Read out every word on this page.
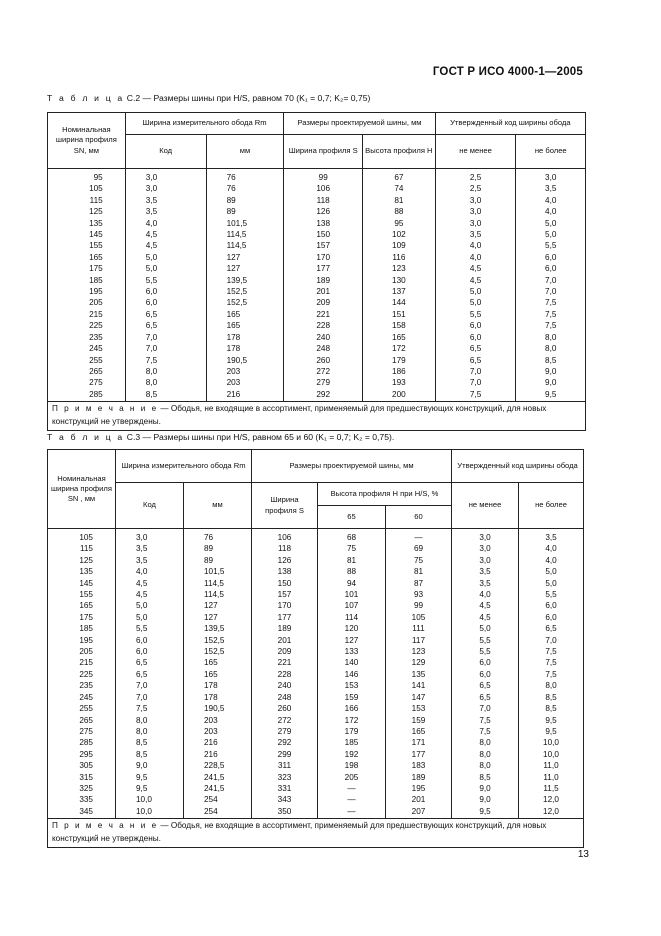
ГОСТ Р ИСО 4000-1—2005
Т а б л и ц а С.2 — Размеры шины при H/S, равном 70 (K₁ = 0,7; K₂= 0,75)
Номинальная ширина профиля SN, мм	Ширина измерительного обода Rm		Размеры проектируемой шины, мм		Утвержденный код ширины обода	
	Код	мм	Ширина профиля S	Высота профиля H	не менее	не более
95	3,0	76	99	67	2,5	3,0
105	3,0	76	106	74	2,5	3,5
115	3,5	89	118	81	3,0	4,0
125	3,5	89	126	88	3,0	4,0
135	4,0	101,5	138	95	3,0	5,0
145	4,5	114,5	150	102	3,5	5,0
155	4,5	114,5	157	109	4,0	5,5
165	5,0	127	170	116	4,0	6,0
175	5,0	127	177	123	4,5	6,0
185	5,5	139,5	189	130	4,5	7,0
195	6,0	152,5	201	137	5,0	7,0
205	6,0	152,5	209	144	5,0	7,5
215	6,5	165	221	151	5,5	7,5
225	6,5	165	228	158	6,0	7,5
235	7,0	178	240	165	6,0	8,0
245	7,0	178	248	172	6,5	8,0
255	7,5	190,5	260	179	6,5	8,5
265	8,0	203	272	186	7,0	9,0
275	8,0	203	279	193	7,0	9,0
285	8,5	216	292	200	7,5	9,5
П р и м е ч а н и е — Ободья, не входящие в ассортимент, применяемый для предшествующих конструкций, для новых конструкций не утверждены.						
Т а б л и ц а С.3 — Размеры шины при H/S, равном 65 и 60 (K₁ = 0,7; K₂ = 0,75).
Номинальная ширина профиля SN , мм	Ширина измерительного обода Rm		Размеры проектируемой шины, мм			Утвержденный код ширины обода	
	Код	мм	Ширина профиля S	Высота профиля H при H/S, %		не менее	не более
				65	60		
105	3,0	76	106	68	—	3,0	3,5
115	3,5	89	118	75	69	3,0	4,0
125	3,5	89	126	81	75	3,0	4,0
135	4,0	101,5	138	88	81	3,5	5,0
145	4,5	114,5	150	94	87	3,5	5,0
155	4,5	114,5	157	101	93	4,0	5,5
165	5,0	127	170	107	99	4,5	6,0
175	5,0	127	177	114	105	4,5	6,0
185	5,5	139,5	189	120	111	5,0	6,5
195	6,0	152,5	201	127	117	5,5	7,0
205	6,0	152,5	209	133	123	5,5	7,5
215	6,5	165	221	140	129	6,0	7,5
225	6,5	165	228	146	135	6,0	7,5
235	7,0	178	240	153	141	6,5	8,0
245	7,0	178	248	159	147	6,5	8,5
255	7,5	190,5	260	166	153	7,0	8,5
265	8,0	203	272	172	159	7,5	9,5
275	8,0	203	279	179	165	7,5	9,5
285	8,5	216	292	185	171	8,0	10,0
295	8,5	216	299	192	177	8,0	10,0
305	9,0	228,5	311	198	183	8,0	11,0
315	9,5	241,5	323	205	189	8,5	11,0
325	9,5	241,5	331	—	195	9,0	11,5
335	10,0	254	343	—	201	9,0	12,0
345	10,0	254	350	—	207	9,5	12,0
П р и м е ч а н и е — Ободья, не входящие в ассортимент, применяемый для предшествующих конструкций, для новых конструкций не утверждены.							
13
